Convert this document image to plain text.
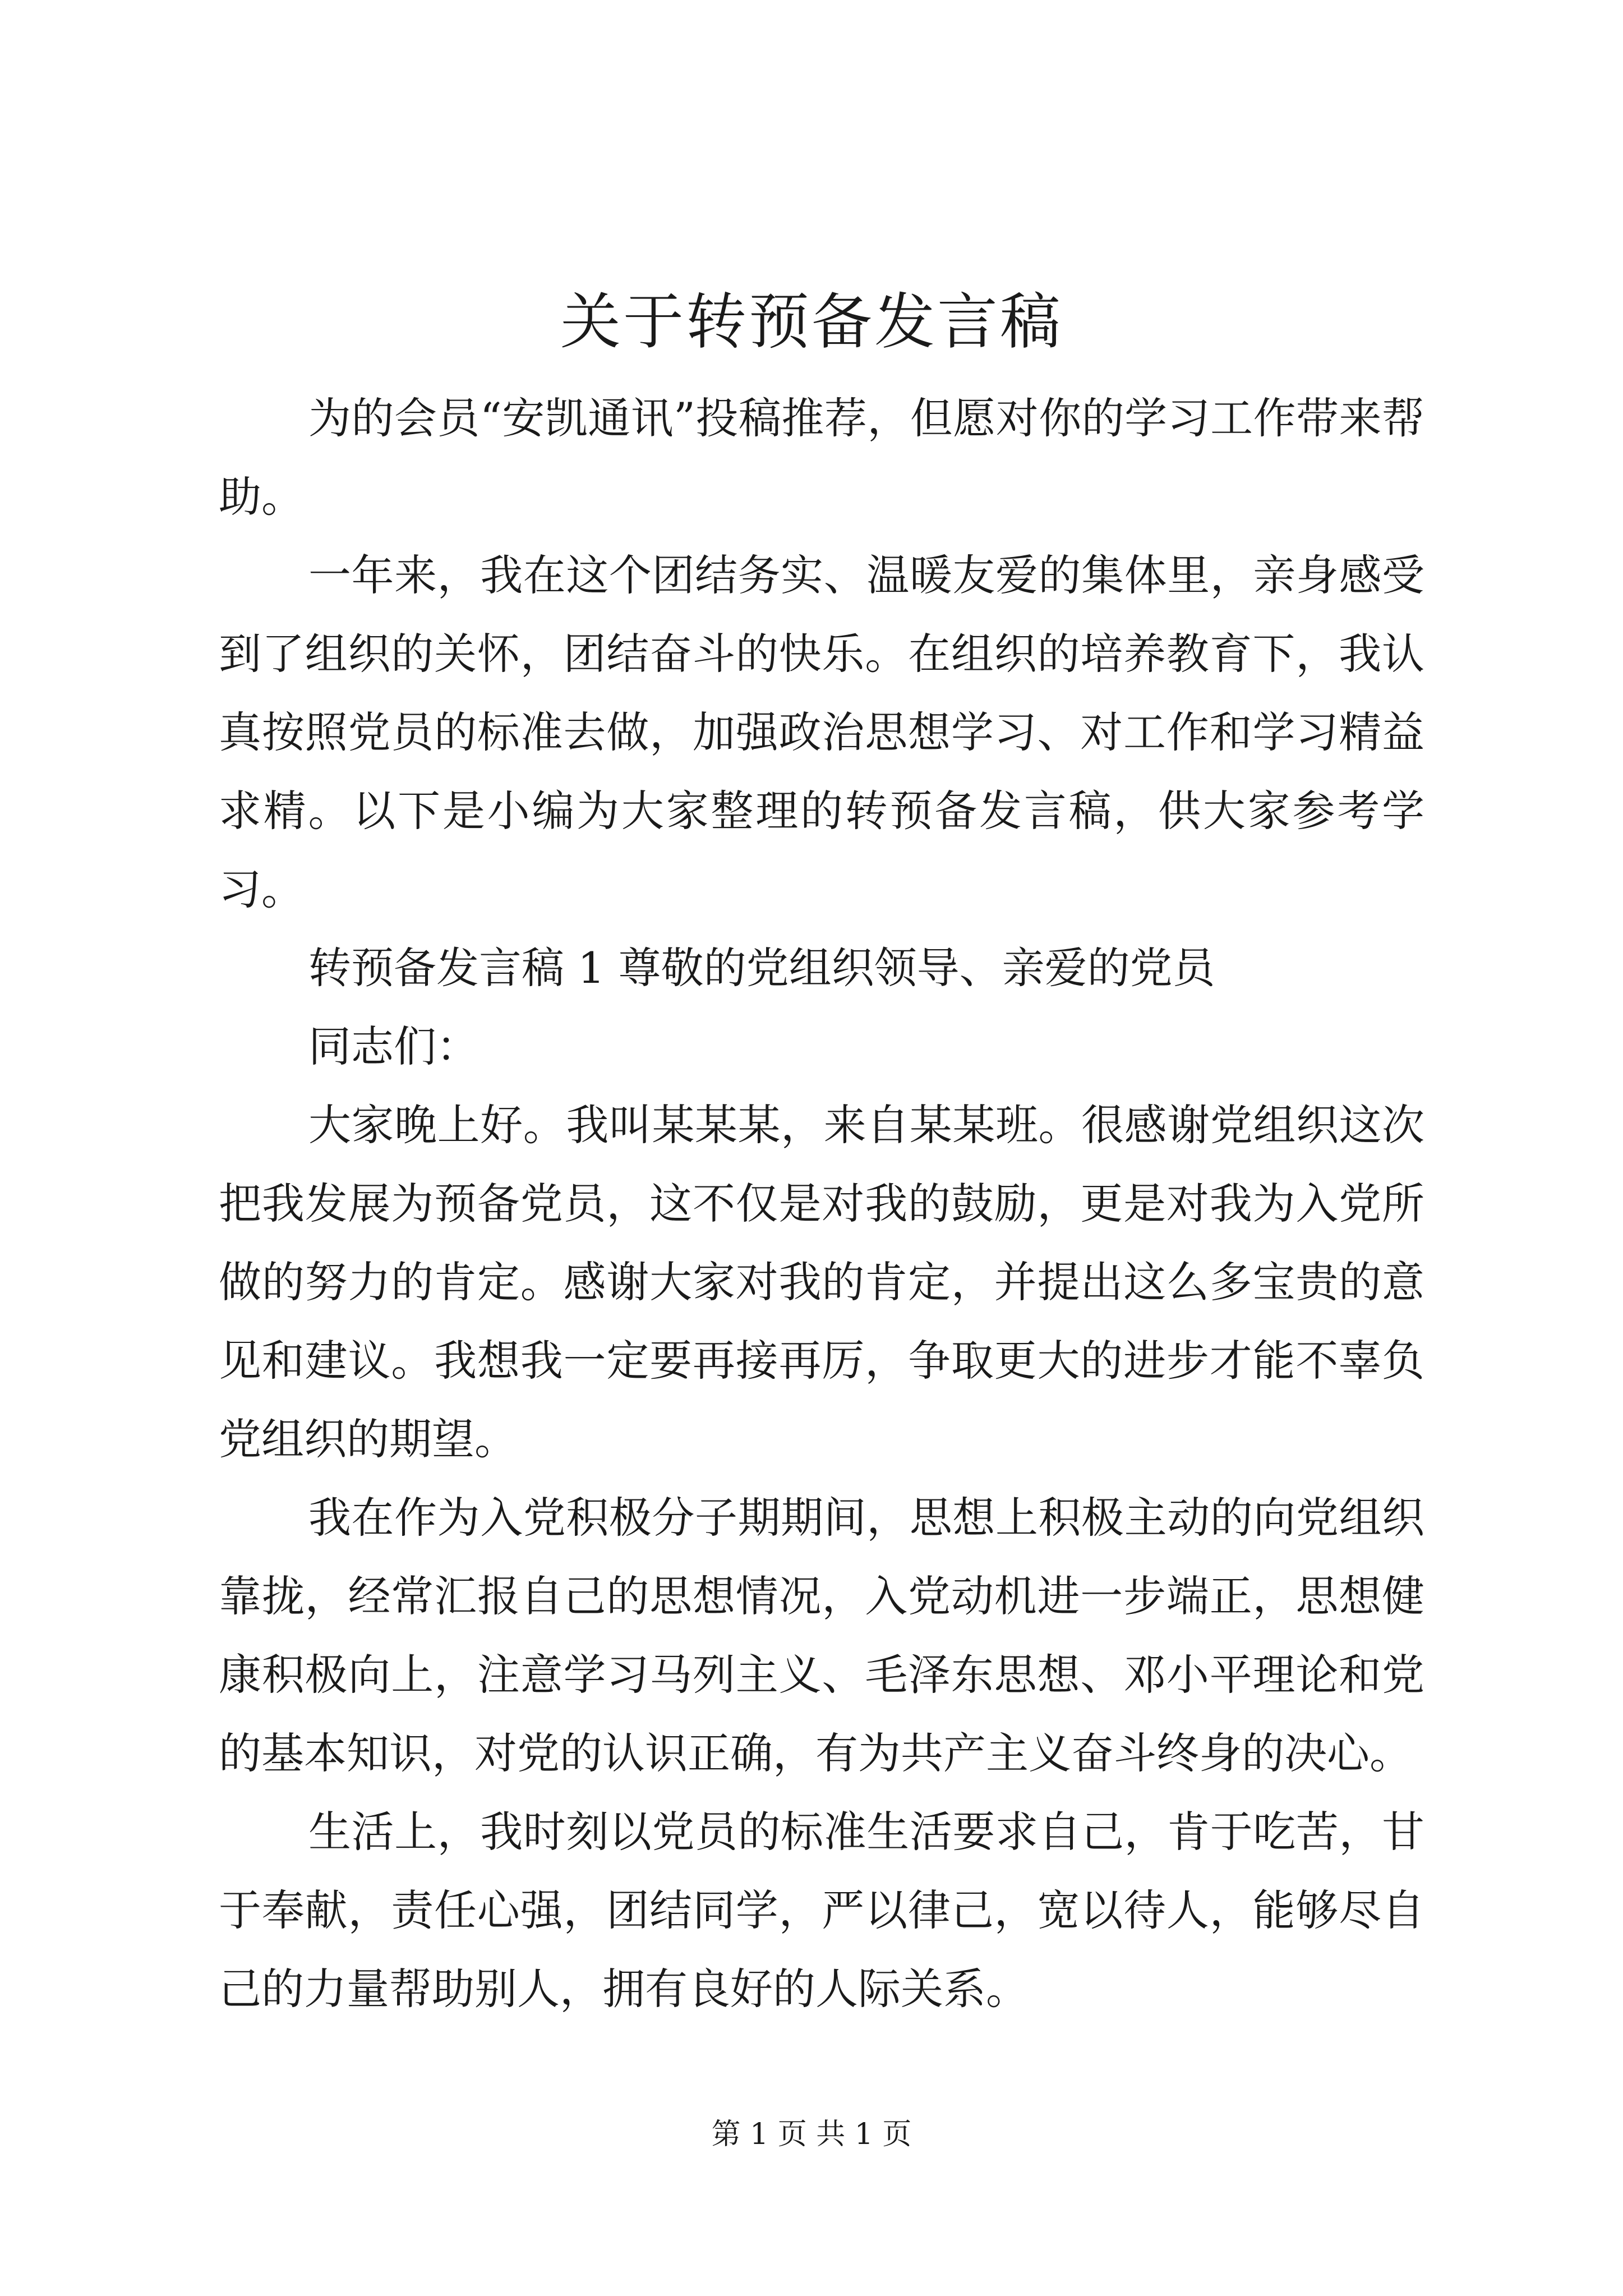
关于转预备发言稿

为的会员“安凯通讯”投稿推荐，但愿对你的学习工作带来帮助。

一年来，我在这个团结务实、温暖友爱的集体里，亲身感受到了组织的关怀，团结奋斗的快乐。在组织的培养教育下，我认真按照党员的标准去做，加强政治思想学习、对工作和学习精益求精。以下是小编为大家整理的转预备发言稿，供大家参考学习。

转预备发言稿 1 尊敬的党组织领导、亲爱的党员

同志们：

大家晚上好。我叫某某某，来自某某班。很感谢党组织这次把我发展为预备党员，这不仅是对我的鼓励，更是对我为入党所做的努力的肯定。感谢大家对我的肯定，并提出这么多宝贵的意见和建议。我想我一定要再接再厉，争取更大的进步才能不辜负党组织的期望。

我在作为入党积极分子期期间，思想上积极主动的向党组织靠拢，经常汇报自己的思想情况，入党动机进一步端正，思想健康积极向上，注意学习马列主义、毛泽东思想、邓小平理论和党的基本知识，对党的认识正确，有为共产主义奋斗终身的决心。

生活上，我时刻以党员的标准生活要求自己，肯于吃苦，甘于奉献，责任心强，团结同学，严以律己，宽以待人，能够尽自己的力量帮助别人，拥有良好的人际关系。

第 1 页 共 1 页
